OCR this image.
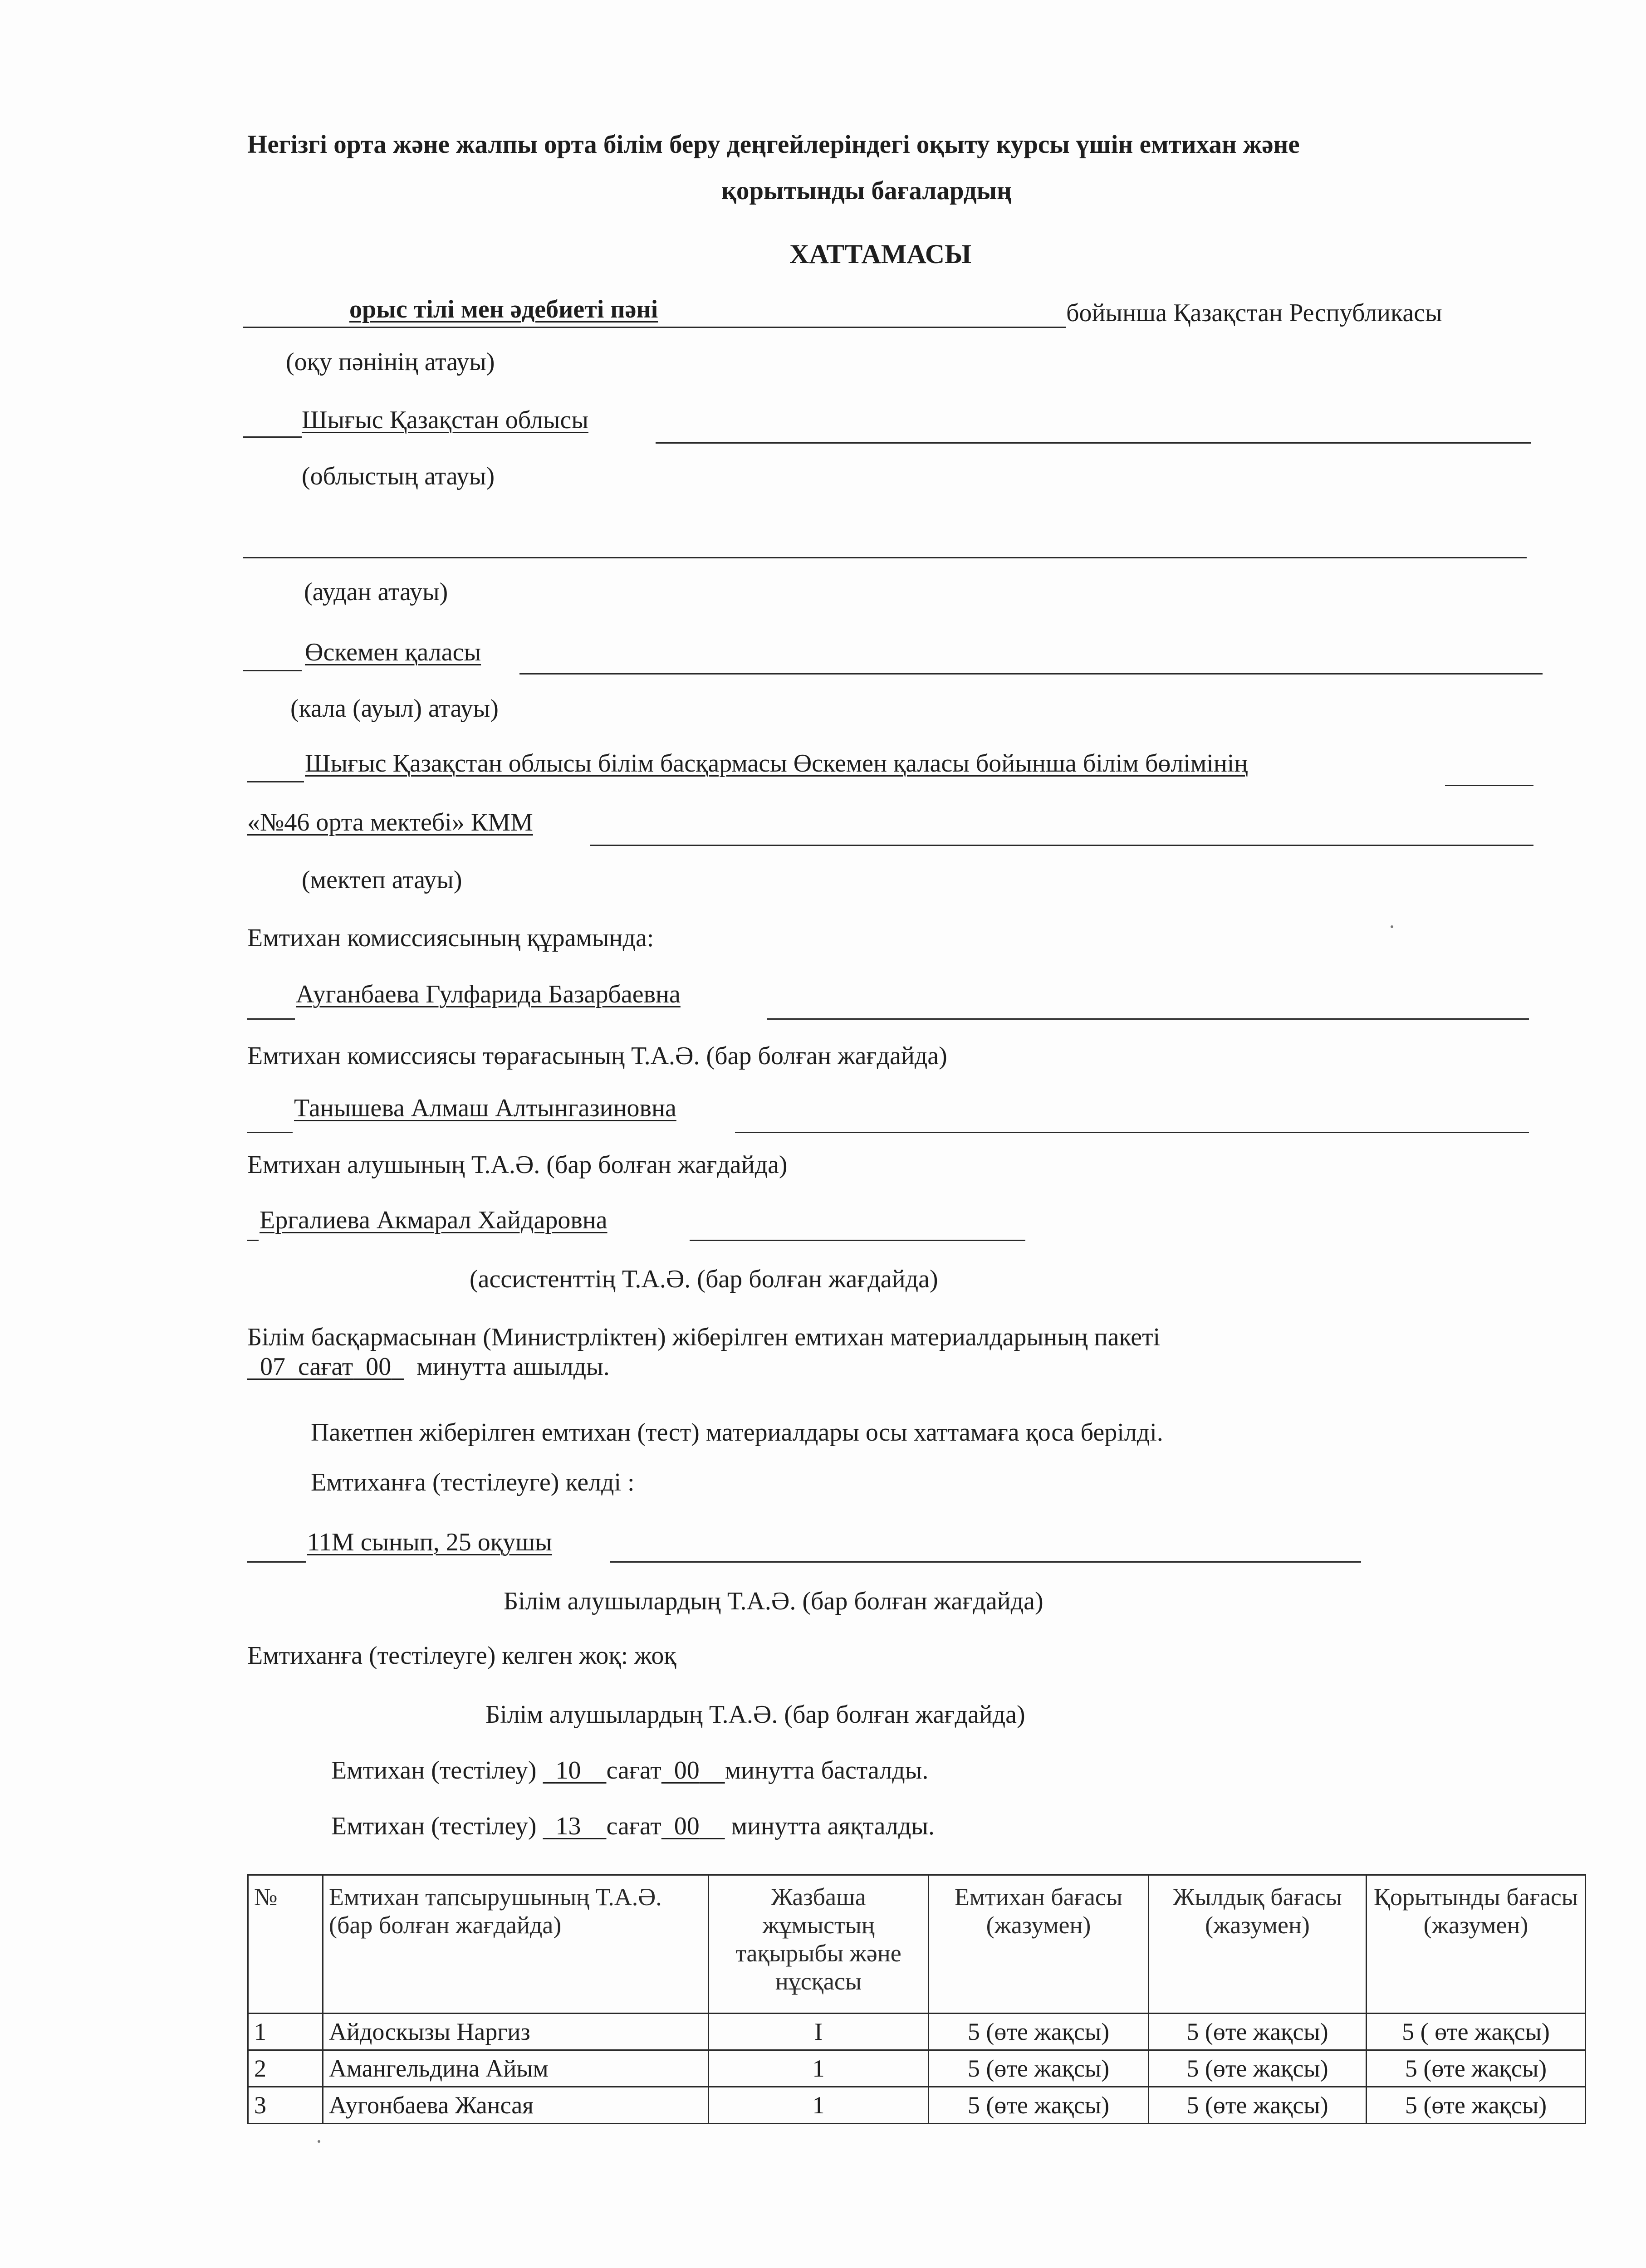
Негізгі орта және жалпы орта білім беру деңгейлеріндегі оқыту курсы үшін емтихан және
қорытынды бағалардың
ХАТТАМАСЫ
орыс тілі мен әдебиеті пәні	бойынша Қазақстан Республикасы
(оқу пәнінің атауы)
Шығыс Қазақстан облысы
(облыстың атауы)
(аудан атауы)
Өскемен қаласы
(кала (ауыл) атауы)
Шығыс Қазақстан облысы білім басқармасы Өскемен қаласы бойынша білім бөлімінің
«№46 орта мектебі» КММ
(мектеп атауы)
Емтихан комиссиясының құрамында:
Ауганбаева Гулфарида Базарбаевна
Емтихан комиссиясы төрағасының Т.А.Ә. (бар болған жағдайда)
Танышева Алмаш Алтынгазиновна
Емтихан алушының Т.А.Ә. (бар болған жағдайда)
Ергалиева Акмарал Хайдаровна
(ассистенттің Т.А.Ә. (бар болған жағдайда)
Білім басқармасынан (Министрліктен) жіберілген емтихан материалдарының пакеті
07 сағат 00 минутта ашылды.
Пакетпен жіберілген емтихан (тест) материалдары осы хаттамаға қоса берілді.
Емтиханға (тестілеуге) келді :
11М сынып, 25 оқушы
Білім алушылардың Т.А.Ә. (бар болған жағдайда)
Емтиханға (тестілеуге) келген жоқ: жоқ
Білім алушылардың Т.А.Ә. (бар болған жағдайда)
Емтихан (тестілеу) 10 сағат 00 минутта басталды.
Емтихан (тестілеу) 13 сағат 00 минутта аяқталды.
№	Емтихан тапсырушының Т.А.Ә. (бар болған жағдайда)	Жазбаша жұмыстың тақырыбы және нұсқасы	Емтихан бағасы (жазумен)	Жылдық бағасы (жазумен)	Қорытынды бағасы (жазумен)
1	Айдоскызы Наргиз	I	5 (өте жақсы)	5 (өте жақсы)	5 ( өте жақсы)
2	Амангельдина Айым	1	5 (өте жақсы)	5 (өте жақсы)	5 (өте жақсы)
3	Аугонбаева Жансая	1	5 (өте жақсы)	5 (өте жақсы)	5 (өте жақсы)
